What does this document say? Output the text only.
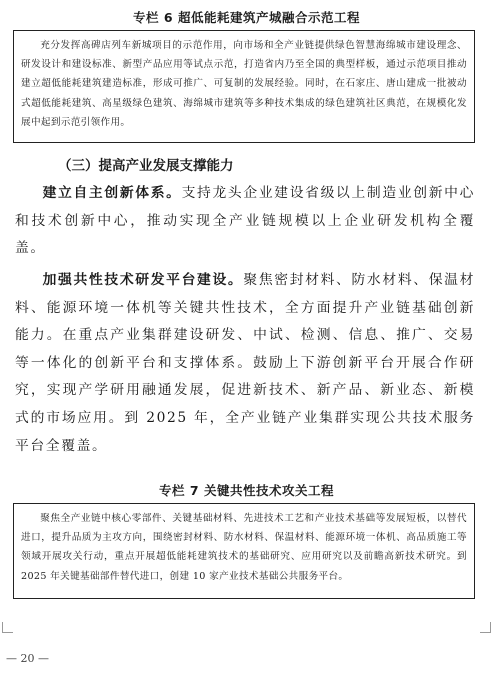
专栏 6 超低能耗建筑产城融合示范工程

充分发挥高碑店列车新城项目的示范作用，向市场和全产业链提供绿色智慧海绵城市建设理念、研发设计和建设标准、新型产品应用等试点示范，打造省内乃至全国的典型样板，通过示范项目推动建立超低能耗建筑建造标准，形成可推广、可复制的发展经验。同时，在石家庄、唐山建成一批被动式超低能耗建筑、高星级绿色建筑、海绵城市建筑等多种技术集成的绿色建筑社区典范，在规模化发展中起到示范引领作用。

（三）提高产业发展支撑能力

建立自主创新体系。支持龙头企业建设省级以上制造业创新中心和技术创新中心，推动实现全产业链规模以上企业研发机构全覆盖。

加强共性技术研发平台建设。聚焦密封材料、防水材料、保温材料、能源环境一体机等关键共性技术，全方面提升产业链基础创新能力。在重点产业集群建设研发、中试、检测、信息、推广、交易等一体化的创新平台和支撑体系。鼓励上下游创新平台开展合作研究，实现产学研用融通发展，促进新技术、新产品、新业态、新模式的市场应用。到 2025 年，全产业链产业集群实现公共技术服务平台全覆盖。

专栏 7 关键共性技术攻关工程

聚焦全产业链中核心零部件、关键基础材料、先进技术工艺和产业技术基础等发展短板，以替代进口，提升品质为主攻方向，围绕密封材料、防水材料、保温材料、能源环境一体机、高品质施工等领域开展攻关行动，重点开展超低能耗建筑技术的基础研究、应用研究以及前瞻高新技术研究。到 2025 年关键基础部件替代进口，创建 10 家产业技术基础公共服务平台。

— 20 —
